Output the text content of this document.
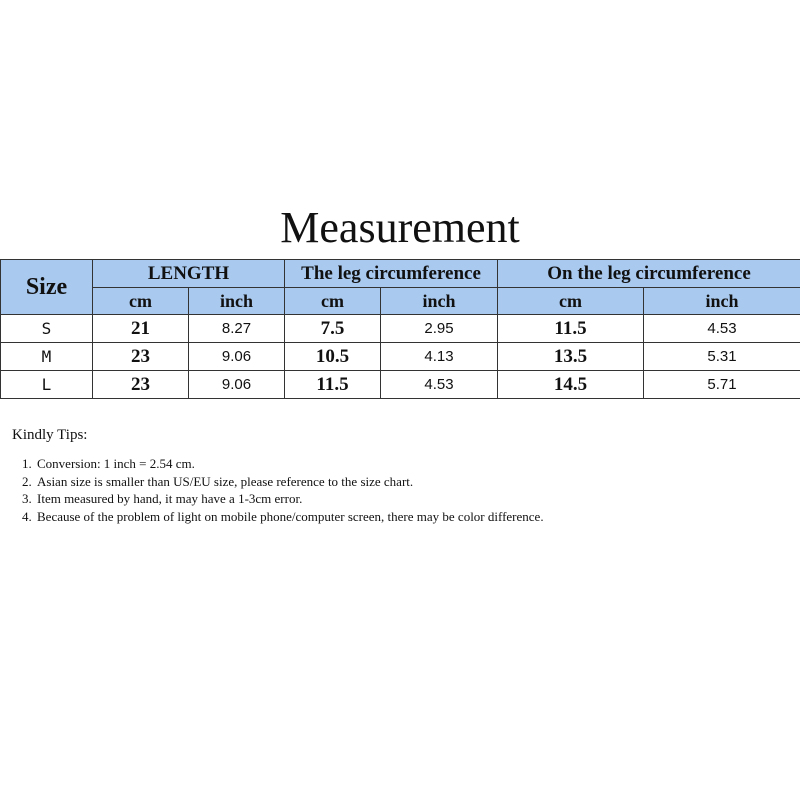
Measurement
Size	LENGTH		The leg circumference		On the leg circumference	
	cm	inch	cm	inch	cm	inch
S	21	8.27	7.5	2.95	11.5	4.53
M	23	9.06	10.5	4.13	13.5	5.31
L	23	9.06	11.5	4.53	14.5	5.71
Kindly Tips:
1. Conversion: 1 inch = 2.54 cm.
2. Asian size is smaller than US/EU size, please reference to the size chart.
3. Item measured by hand, it may have a 1-3cm error.
4. Because of the problem of light on mobile phone/computer screen, there may be color difference.
